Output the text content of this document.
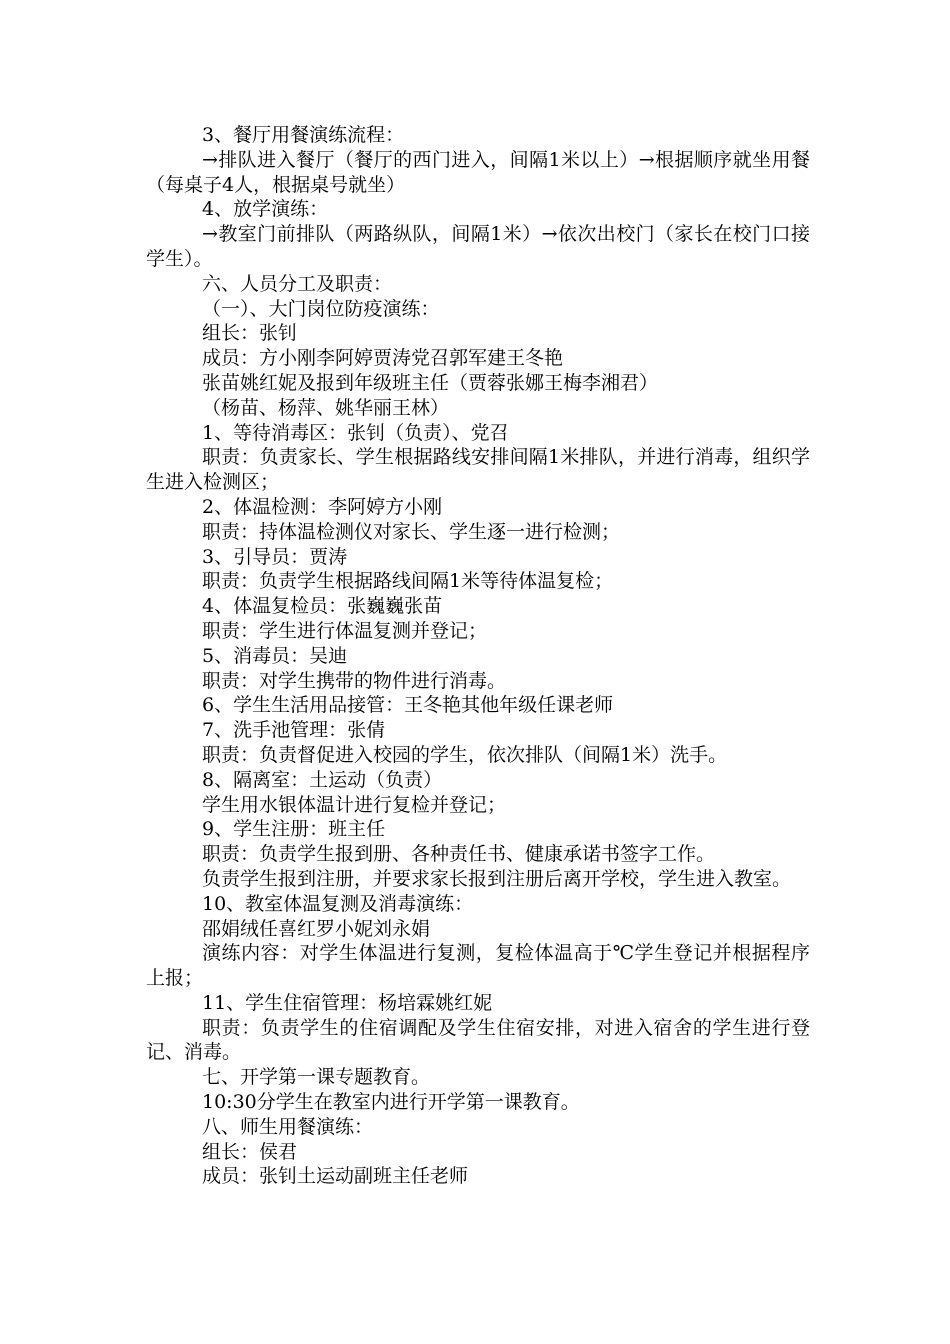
3、餐厅用餐演练流程：

→排队进入餐厅（餐厅的西门进入，间隔1米以上）→根据顺序就坐用餐（每桌子4人，根据桌号就坐）

4、放学演练：

→教室门前排队（两路纵队，间隔1米）→依次出校门（家长在校门口接学生）。

六、人员分工及职责：

（一）、大门岗位防疫演练：

组长：张钊

成员：方小刚李阿婷贾涛党召郭军建王冬艳

张苗姚红妮及报到年级班主任（贾蓉张娜王梅李湘君）

（杨苗、杨萍、姚华丽王林）

1、等待消毒区：张钊（负责）、党召

职责：负责家长、学生根据路线安排间隔1米排队，并进行消毒，组织学生进入检测区；

2、体温检测：李阿婷方小刚

职责：持体温检测仪对家长、学生逐一进行检测；

3、引导员：贾涛

职责：负责学生根据路线间隔1米等待体温复检；

4、体温复检员：张巍巍张苗

职责：学生进行体温复测并登记；

5、消毒员：吴迪

职责：对学生携带的物件进行消毒。

6、学生生活用品接管：王冬艳其他年级任课老师

7、洗手池管理：张倩

职责：负责督促进入校园的学生，依次排队（间隔1米）洗手。

8、隔离室：土运动（负责）

学生用水银体温计进行复检并登记；

9、学生注册：班主任

职责：负责学生报到册、各种责任书、健康承诺书签字工作。

负责学生报到注册，并要求家长报到注册后离开学校，学生进入教室。

10、教室体温复测及消毒演练：

邵娟绒任喜红罗小妮刘永娟

演练内容：对学生体温进行复测，复检体温高于℃学生登记并根据程序上报；

11、学生住宿管理：杨培霖姚红妮

职责：负责学生的住宿调配及学生住宿安排，对进入宿舍的学生进行登记、消毒。

七、开学第一课专题教育。

10:30分学生在教室内进行开学第一课教育。

八、师生用餐演练：

组长：侯君

成员：张钊土运动副班主任老师
